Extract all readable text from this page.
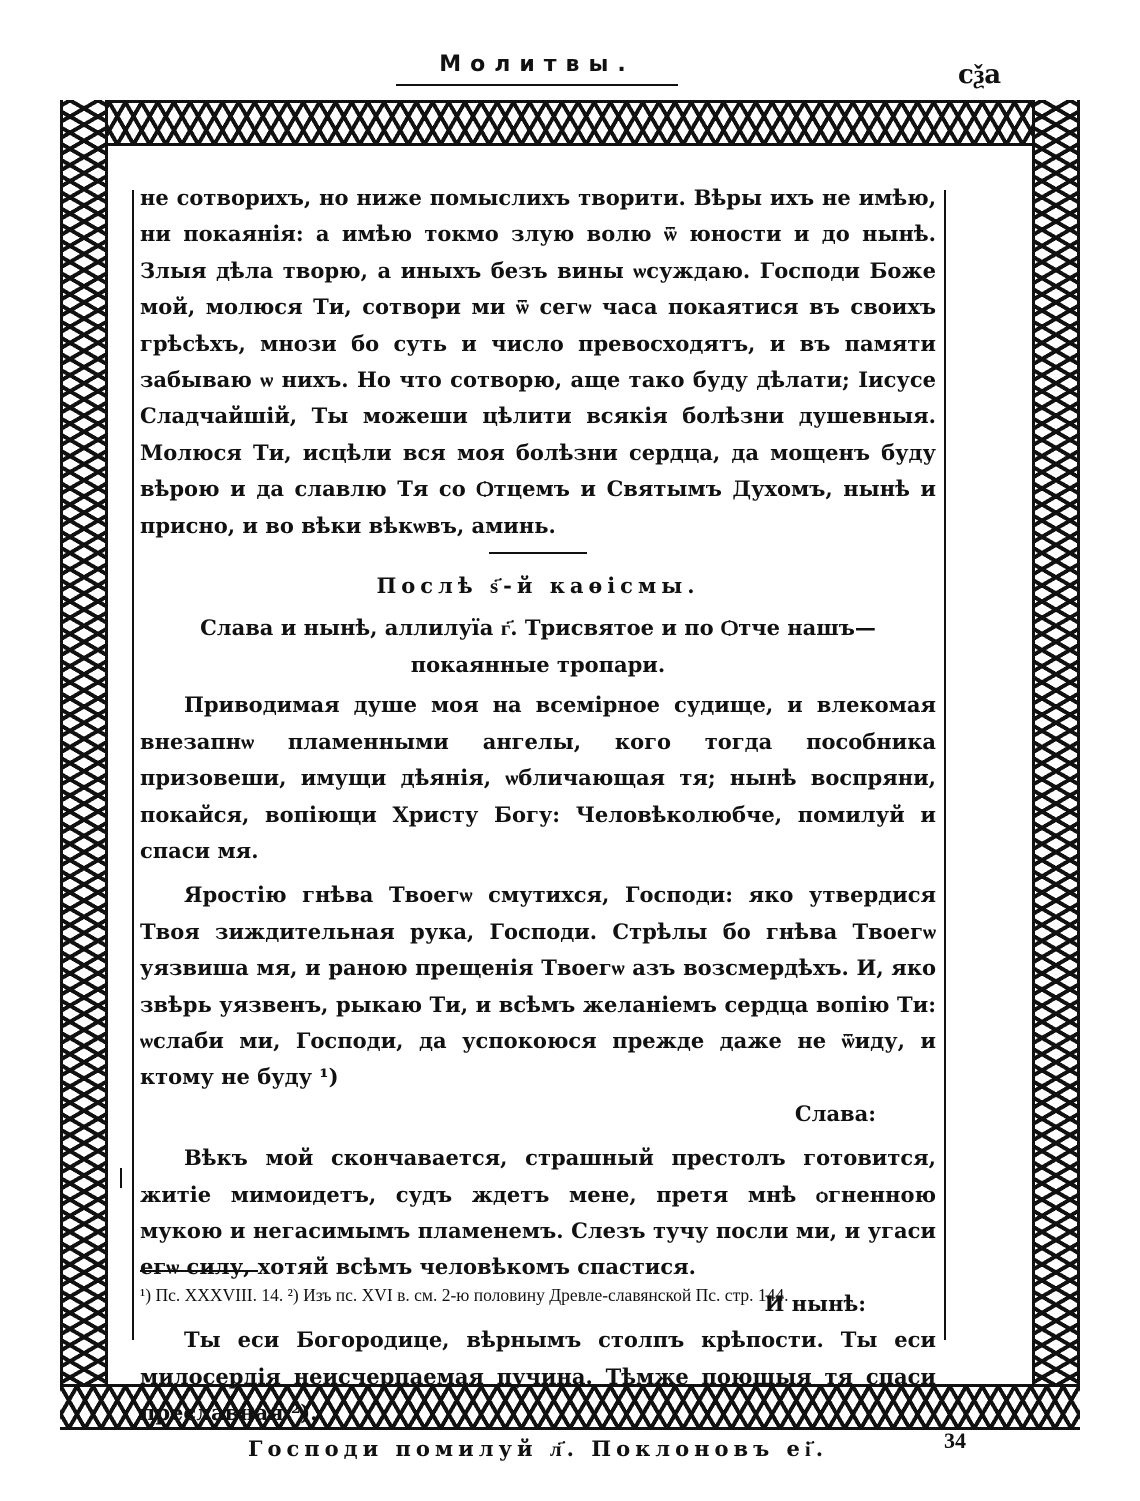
Молитвы.	сѯа

не сотворихъ, но ниже помыслихъ творити. Вѣры ихъ не имѣю, ни покаянія: а имѣю токмо злую волю ѿ юности и до нынѣ. Злыя дѣла творю, а иныхъ безъ вины ѡсуждаю. Господи Боже мой, молюся Ти, сотвори ми ѿ сегѡ часа покаятися въ своихъ грѣсѣхъ, мнози бо суть и число превосходятъ, и въ памяти забываю ѡ нихъ. Но что сотворю, аще тако буду дѣлати; Іисусе Сладчайшій, Ты можеши цѣлити всякія болѣзни душевныя. Молюся Ти, исцѣли вся моя болѣзни сердца, да мощенъ буду вѣрою и да славлю Тя со Ѻтцемъ и Святымъ Духомъ, нынѣ и присно, и во вѣки вѣкѡвъ, аминь.

Послѣ ѕ҃-й каѳісмы.

Слава и нынѣ, аллилуїа г҃. Трисвятое и по Ѻтче нашъ—

покаянные тропари.

Приводимая душе моя на всемірное судище, и влекомая внезапнѡ пламенными ангелы, кого тогда пособника призовеши, имущи дѣянія, ѡбличающая тя; нынѣ воспряни, покайся, вопіющи Христу Богу: Человѣколюбче, помилуй и спаси мя.

Яростію гнѣва Твоегѡ смутихся, Господи: яко утвердися Твоя зиждительная рука, Господи. Стрѣлы бо гнѣва Твоегѡ уязвиша мя, и раною прещенія Твоегѡ азъ возсмердѣхъ. И, яко звѣрь уязвенъ, рыкаю Ти, и всѣмъ желаніемъ сердца вопію Ти: ѡслаби ми, Господи, да успокоюся прежде даже не ѿиду, и ктому не буду ¹)

Слава:

Вѣкъ мой скончавается, страшный престолъ готовится, житіе мимоидетъ, судъ ждетъ мене, претя мнѣ ѻгненною мукою и негасимымъ пламенемъ. Слезъ тучу посли ми, и угаси егѡ силу, хотяй всѣмъ человѣкомъ спастися.

И нынѣ:

Ты еси Богородице, вѣрнымъ столпъ крѣпости. Ты еси милосердія неисчерпаемая пучина. Тѣмже поющыя тя спаси преславная ²).

Господи помилуй л҃. Поклоновъ еі҃.

¹) Пс. XXXVIII. 14. ²) Изъ пс. XVI в. см. 2-ю половину Древле-славянской Пс. стр. 144.

34
